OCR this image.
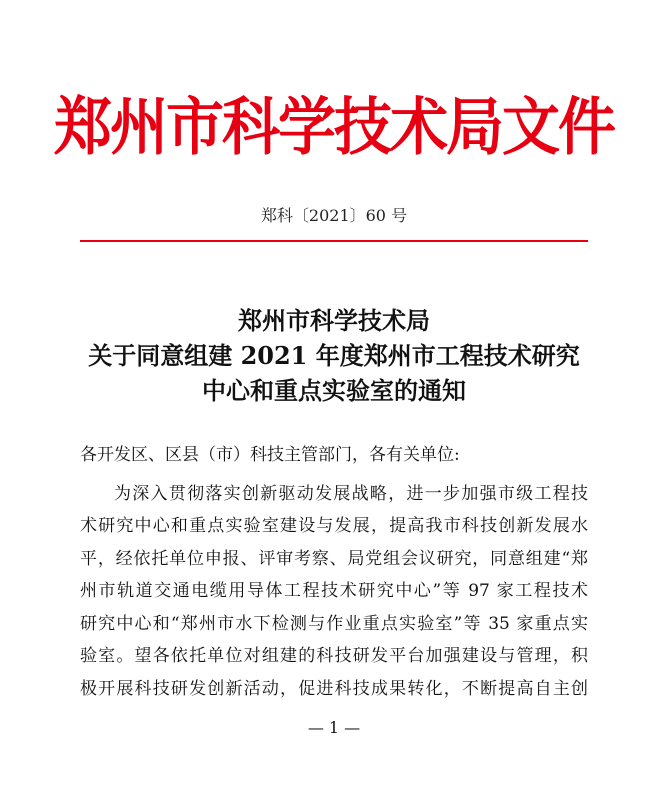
郑州市科学技术局文件
郑科〔2021〕60 号
郑州市科学技术局
关于同意组建 2021 年度郑州市工程技术研究
中心和重点实验室的通知
各开发区、区县（市）科技主管部门，各有关单位:
为深入贯彻落实创新驱动发展战略，进一步加强市级工程技
术研究中心和重点实验室建设与发展，提高我市科技创新发展水
平，经依托单位申报、评审考察、局党组会议研究，同意组建“郑
州市轨道交通电缆用导体工程技术研究中心”等 97 家工程技术
研究中心和“郑州市水下检测与作业重点实验室”等 35 家重点实
验室。望各依托单位对组建的科技研发平台加强建设与管理，积
极开展科技研发创新活动，促进科技成果转化，不断提高自主创
— 1 —
